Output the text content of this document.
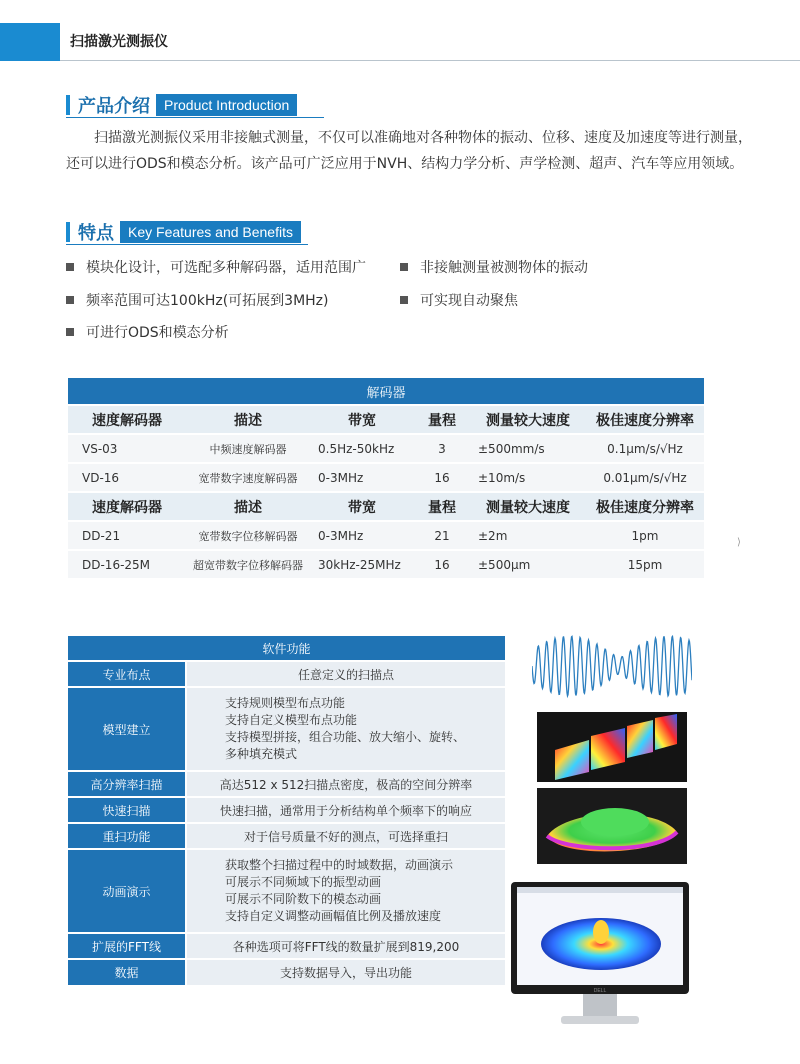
扫描激光测振仪
产品介绍	Product Introduction
扫描激光测振仪采用非接触式测量，不仅可以准确地对各种物体的振动、位移、速度及加速度等进行测量，还可以进行ODS和模态分析。该产品可广泛应用于NVH、结构力学分析、声学检测、超声、汽车等应用领域。
特点	Key Features and Benefits
模块化设计，可选配多种解码器，适用范围广	非接触测量被测物体的振动
频率范围可达100kHz(可拓展到3MHz)	可实现自动聚焦
可进行ODS和模态分析
解码器					
速度解码器	描述	带宽	量程	测量较大速度	极佳速度分辨率
VS-03	中频速度解码器	0.5Hz-50kHz	3	±500mm/s	0.1μm/s/√Hz
VD-16	宽带数字速度解码器	0-3MHz	16	±10m/s	0.01μm/s/√Hz
速度解码器	描述	带宽	量程	测量较大速度	极佳速度分辨率
DD-21	宽带数字位移解码器	0-3MHz	21	±2m	1pm
DD-16-25M	超宽带数字位移解码器	30kHz-25MHz	16	±500μm	15pm
⟩
软件功能	
专业布点	任意定义的扫描点

模型建立	支持规则模型布点功能
支持自定义模型布点功能
支持模型拼接，组合功能、放大缩小、旋转、
多种填充模式

高分辨率扫描	高达512 x 512扫描点密度，极高的空间分辨率

快速扫描	快速扫描，通常用于分析结构单个频率下的响应

重扫功能	对于信号质量不好的测点，可选择重扫

动画演示	获取整个扫描过程中的时域数据，动画演示
可展示不同频域下的振型动画
可展示不同阶数下的模态动画
支持自定义调整动画幅值比例及播放速度

扩展的FFT线	各种选项可将FFT线的数量扩展到819,200

数据	支持数据导入，导出功能
DELL
